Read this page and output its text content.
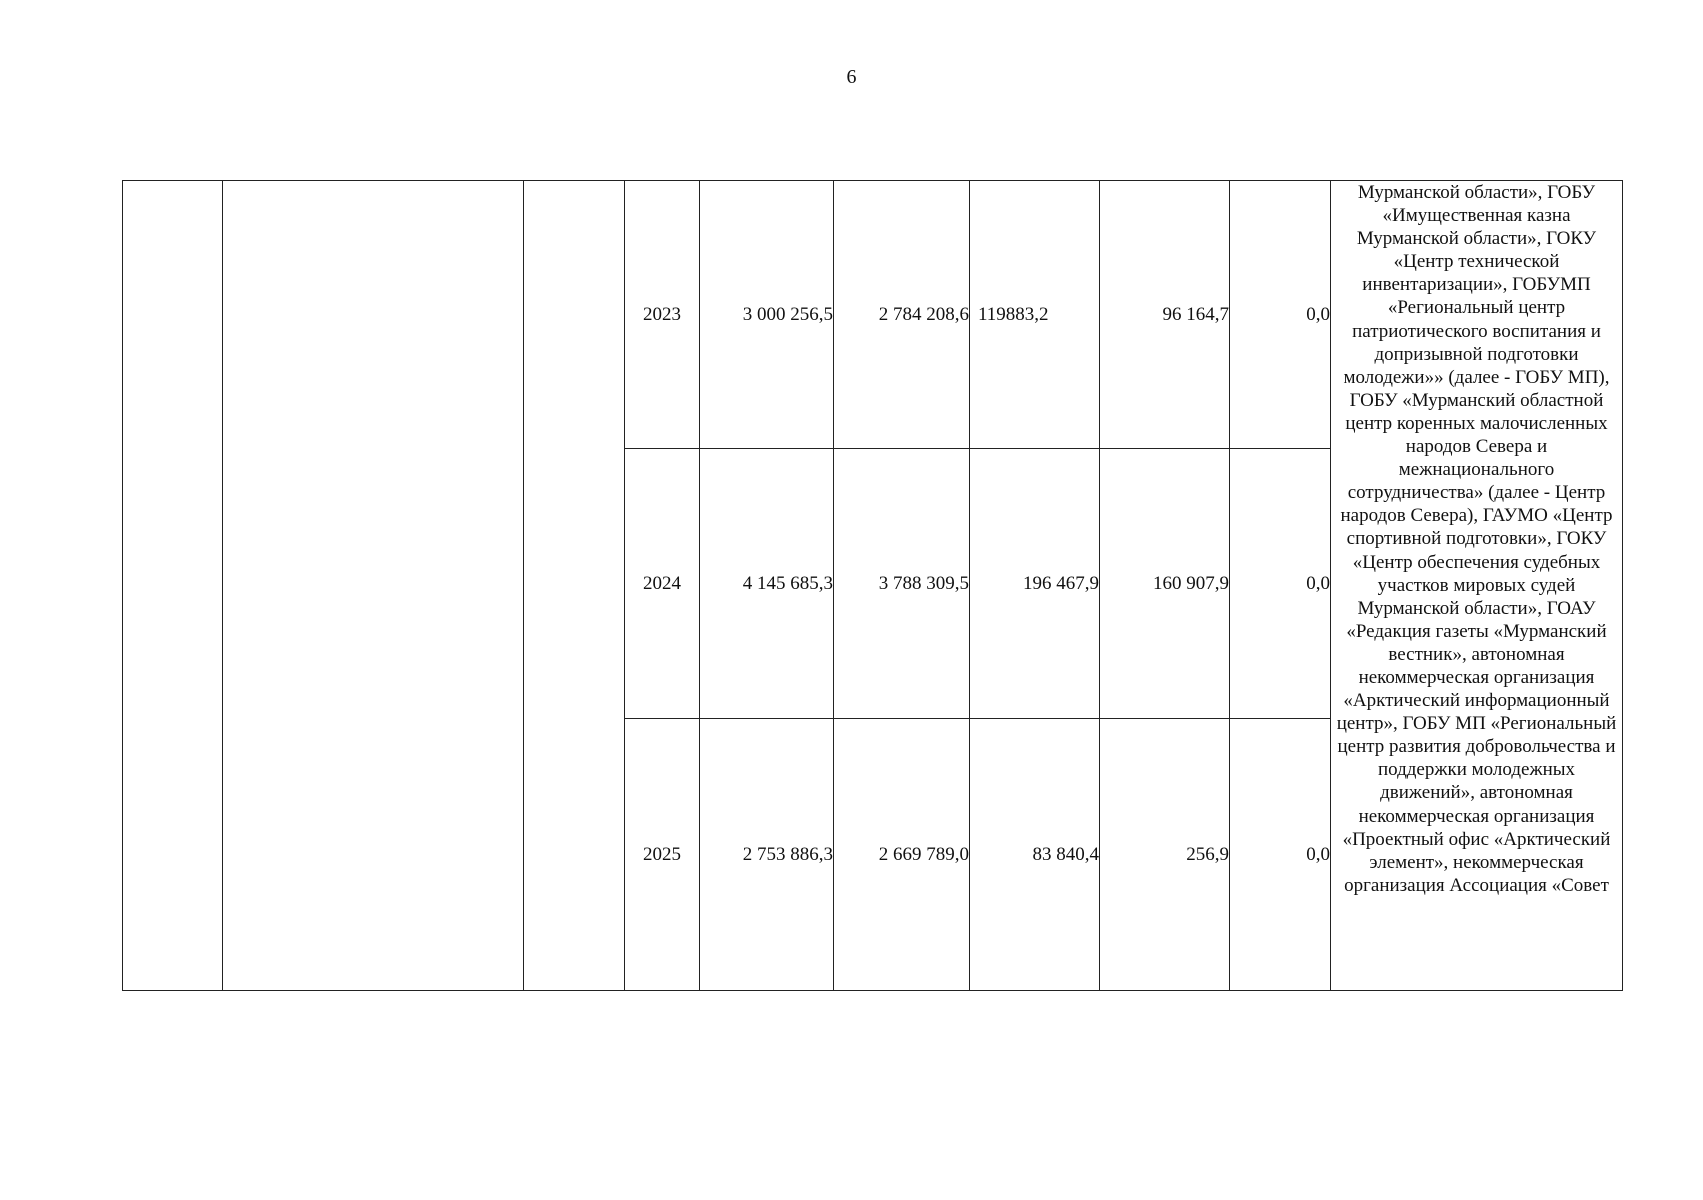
6
			2023	3 000 256,5	2 784 208,6	119883,2	96 164,7	0,0	Мурманской области», ГОБУ «Имущественная казна Мурманской области», ГОКУ «Центр технической инвентаризации», ГОБУМП «Региональный центр патриотического воспитания и допризывной подготовки молодежи»» (далее - ГОБУ МП), ГОБУ «Мурманский областной центр коренных малочисленных народов Севера и межнационального сотрудничества» (далее - Центр народов Севера), ГАУМО «Центр спортивной подготовки», ГОКУ «Центр обеспечения судебных участков мировых судей Мурманской области», ГОАУ «Редакция газеты «Мурманский вестник», автономная некоммерческая организация «Арктический информационный центр», ГОБУ МП «Региональный центр развития добровольчества и поддержки молодежных движений», автономная некоммерческая организация «Проектный офис «Арктический элемент», некоммерческая организация Ассоциация «Совет

			2024	4 145 685,3	3 788 309,5	196 467,9	160 907,9	0,0	
			2025	2 753 886,3	2 669 789,0	83 840,4	256,9	0,0	
